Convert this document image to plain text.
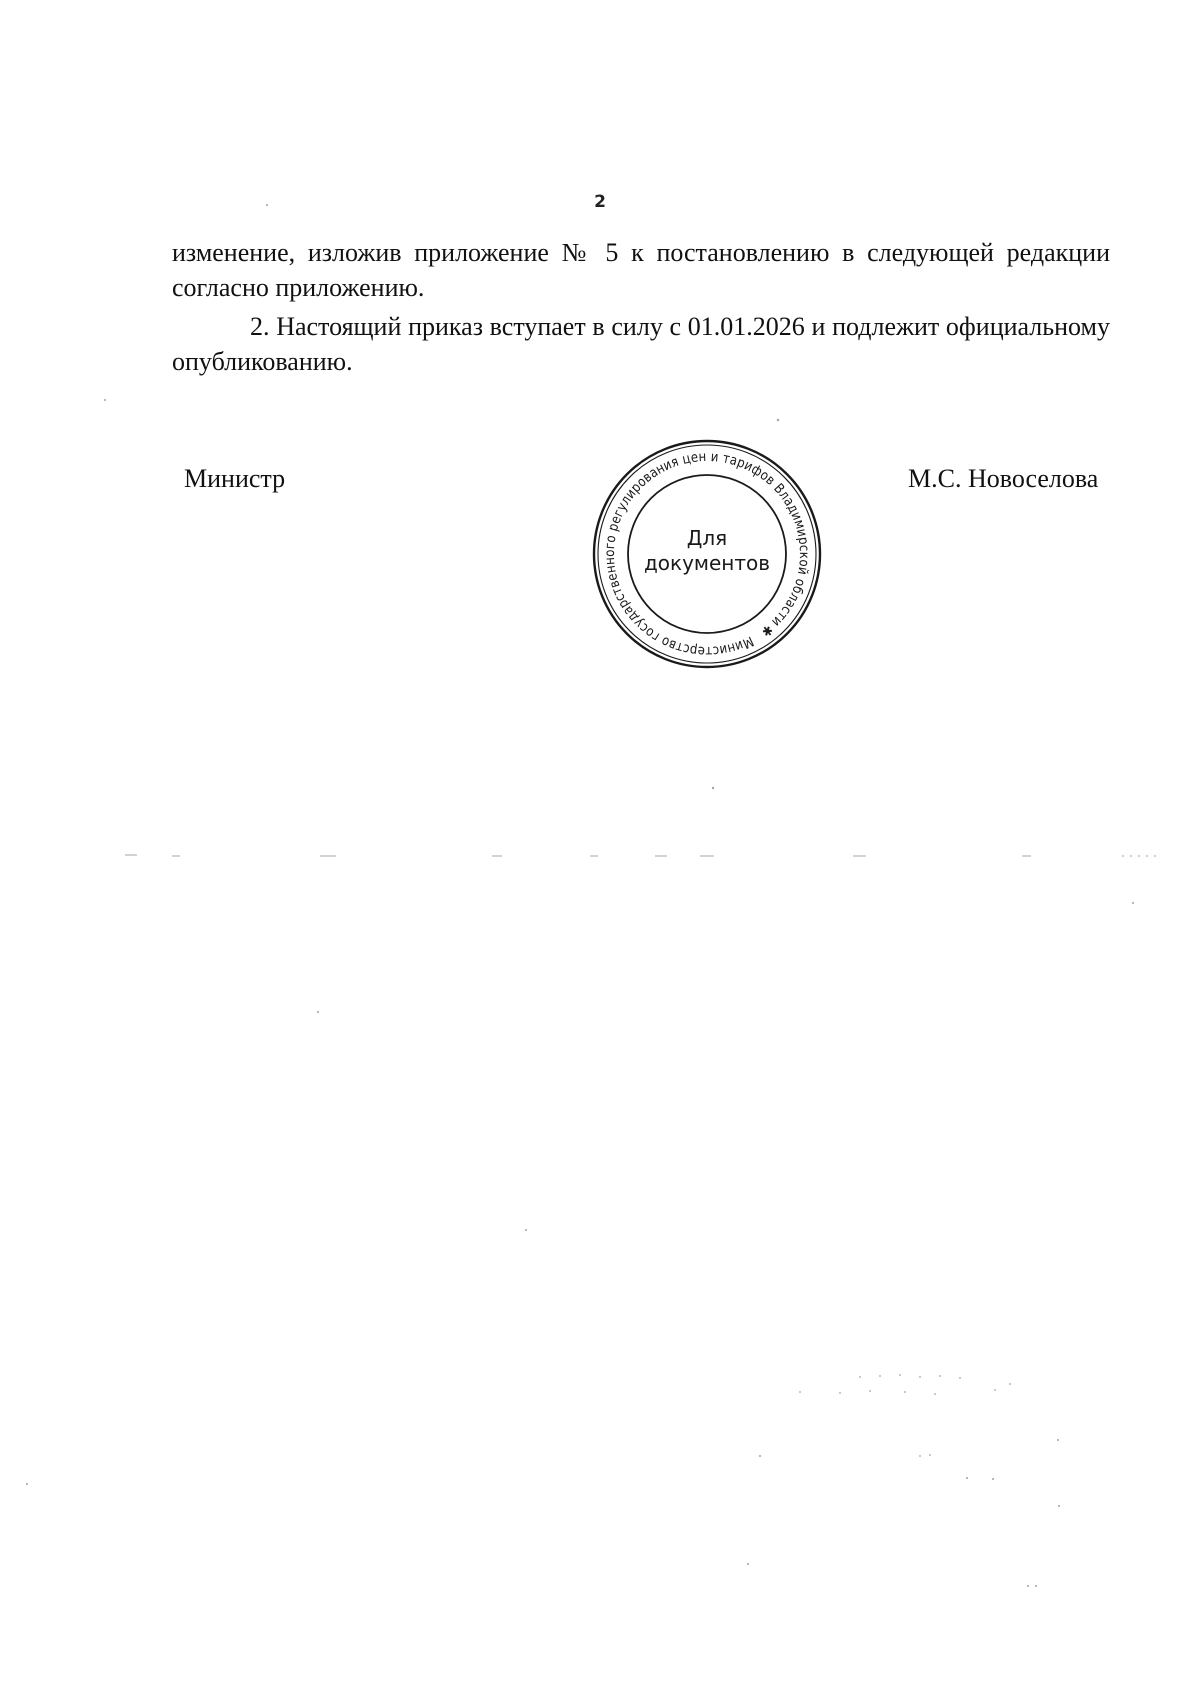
2

изменение, изложив приложение № 5 к постановлению в следующей редакции согласно приложению.

2. Настоящий приказ вступает в силу с 01.01.2026 и подлежит официальному опубликованию.

Министр
Министерство государственного регулирования цен и тарифов Владимирской области ✱
Для
документов
М.С. Новоселова
